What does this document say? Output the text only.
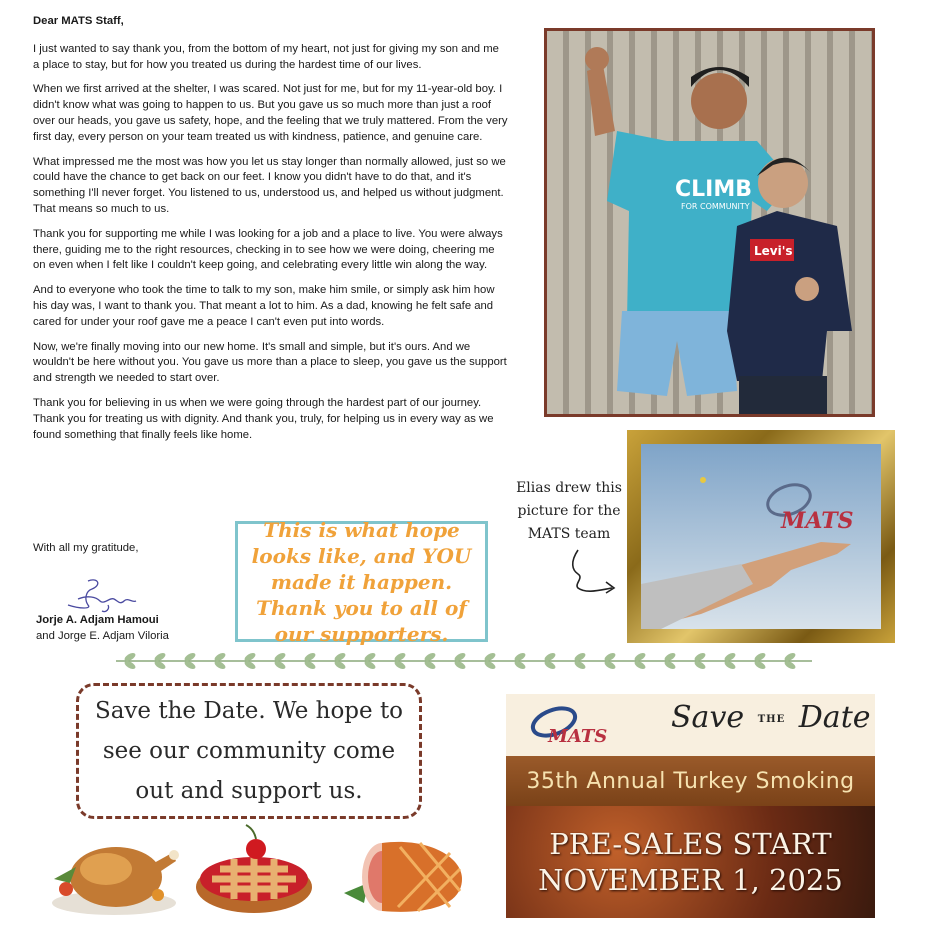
Dear MATS Staff,

I just wanted to say thank you, from the bottom of my heart, not just for giving my son and me a place to stay, but for how you treated us during the hardest time of our lives.

When we first arrived at the shelter, I was scared. Not just for me, but for my 11-year-old boy. I didn't know what was going to happen to us. But you gave us so much more than just a roof over our heads, you gave us safety, hope, and the feeling that we truly mattered. From the very first day, every person on your team treated us with kindness, patience, and genuine care.

What impressed me the most was how you let us stay longer than normally allowed, just so we could have the chance to get back on our feet. I know you didn't have to do that, and it's something I'll never forget. You listened to us, understood us, and helped us without judgment. That means so much to us.

Thank you for supporting me while I was looking for a job and a place to live. You were always there, guiding me to the right resources, checking in to see how we were doing, cheering me on even when I felt like I couldn't keep going, and celebrating every little win along the way.

And to everyone who took the time to talk to my son, make him smile, or simply ask him how his day was, I want to thank you. That meant a lot to him. As a dad, knowing he felt safe and cared for under your roof gave me a peace I can't even put into words.

Now, we're finally moving into our new home. It's small and simple, but it's ours. And we wouldn't be here without you. You gave us more than a place to sleep, you gave us the support and strength we needed to start over.

Thank you for believing in us when we were going through the hardest part of our journey. Thank you for treating us with dignity. And thank you, truly, for helping us in every way as we found something that finally feels like home.

With all my gratitude,

Jorje A. Adjam Hamoui

and Jorge E. Adjam Viloria

This is what hope looks like, and YOU made it happen. Thank you to all of our supporters.
CLIMB
FOR COMMUNITY
Levi's

Elias drew this picture for the MATS team	MATS
Save the Date. We hope to see our community come out and support us.
MATS
Save THE Date
35th Annual Turkey Smoking
PRE-SALES START
NOVEMBER 1, 2025
